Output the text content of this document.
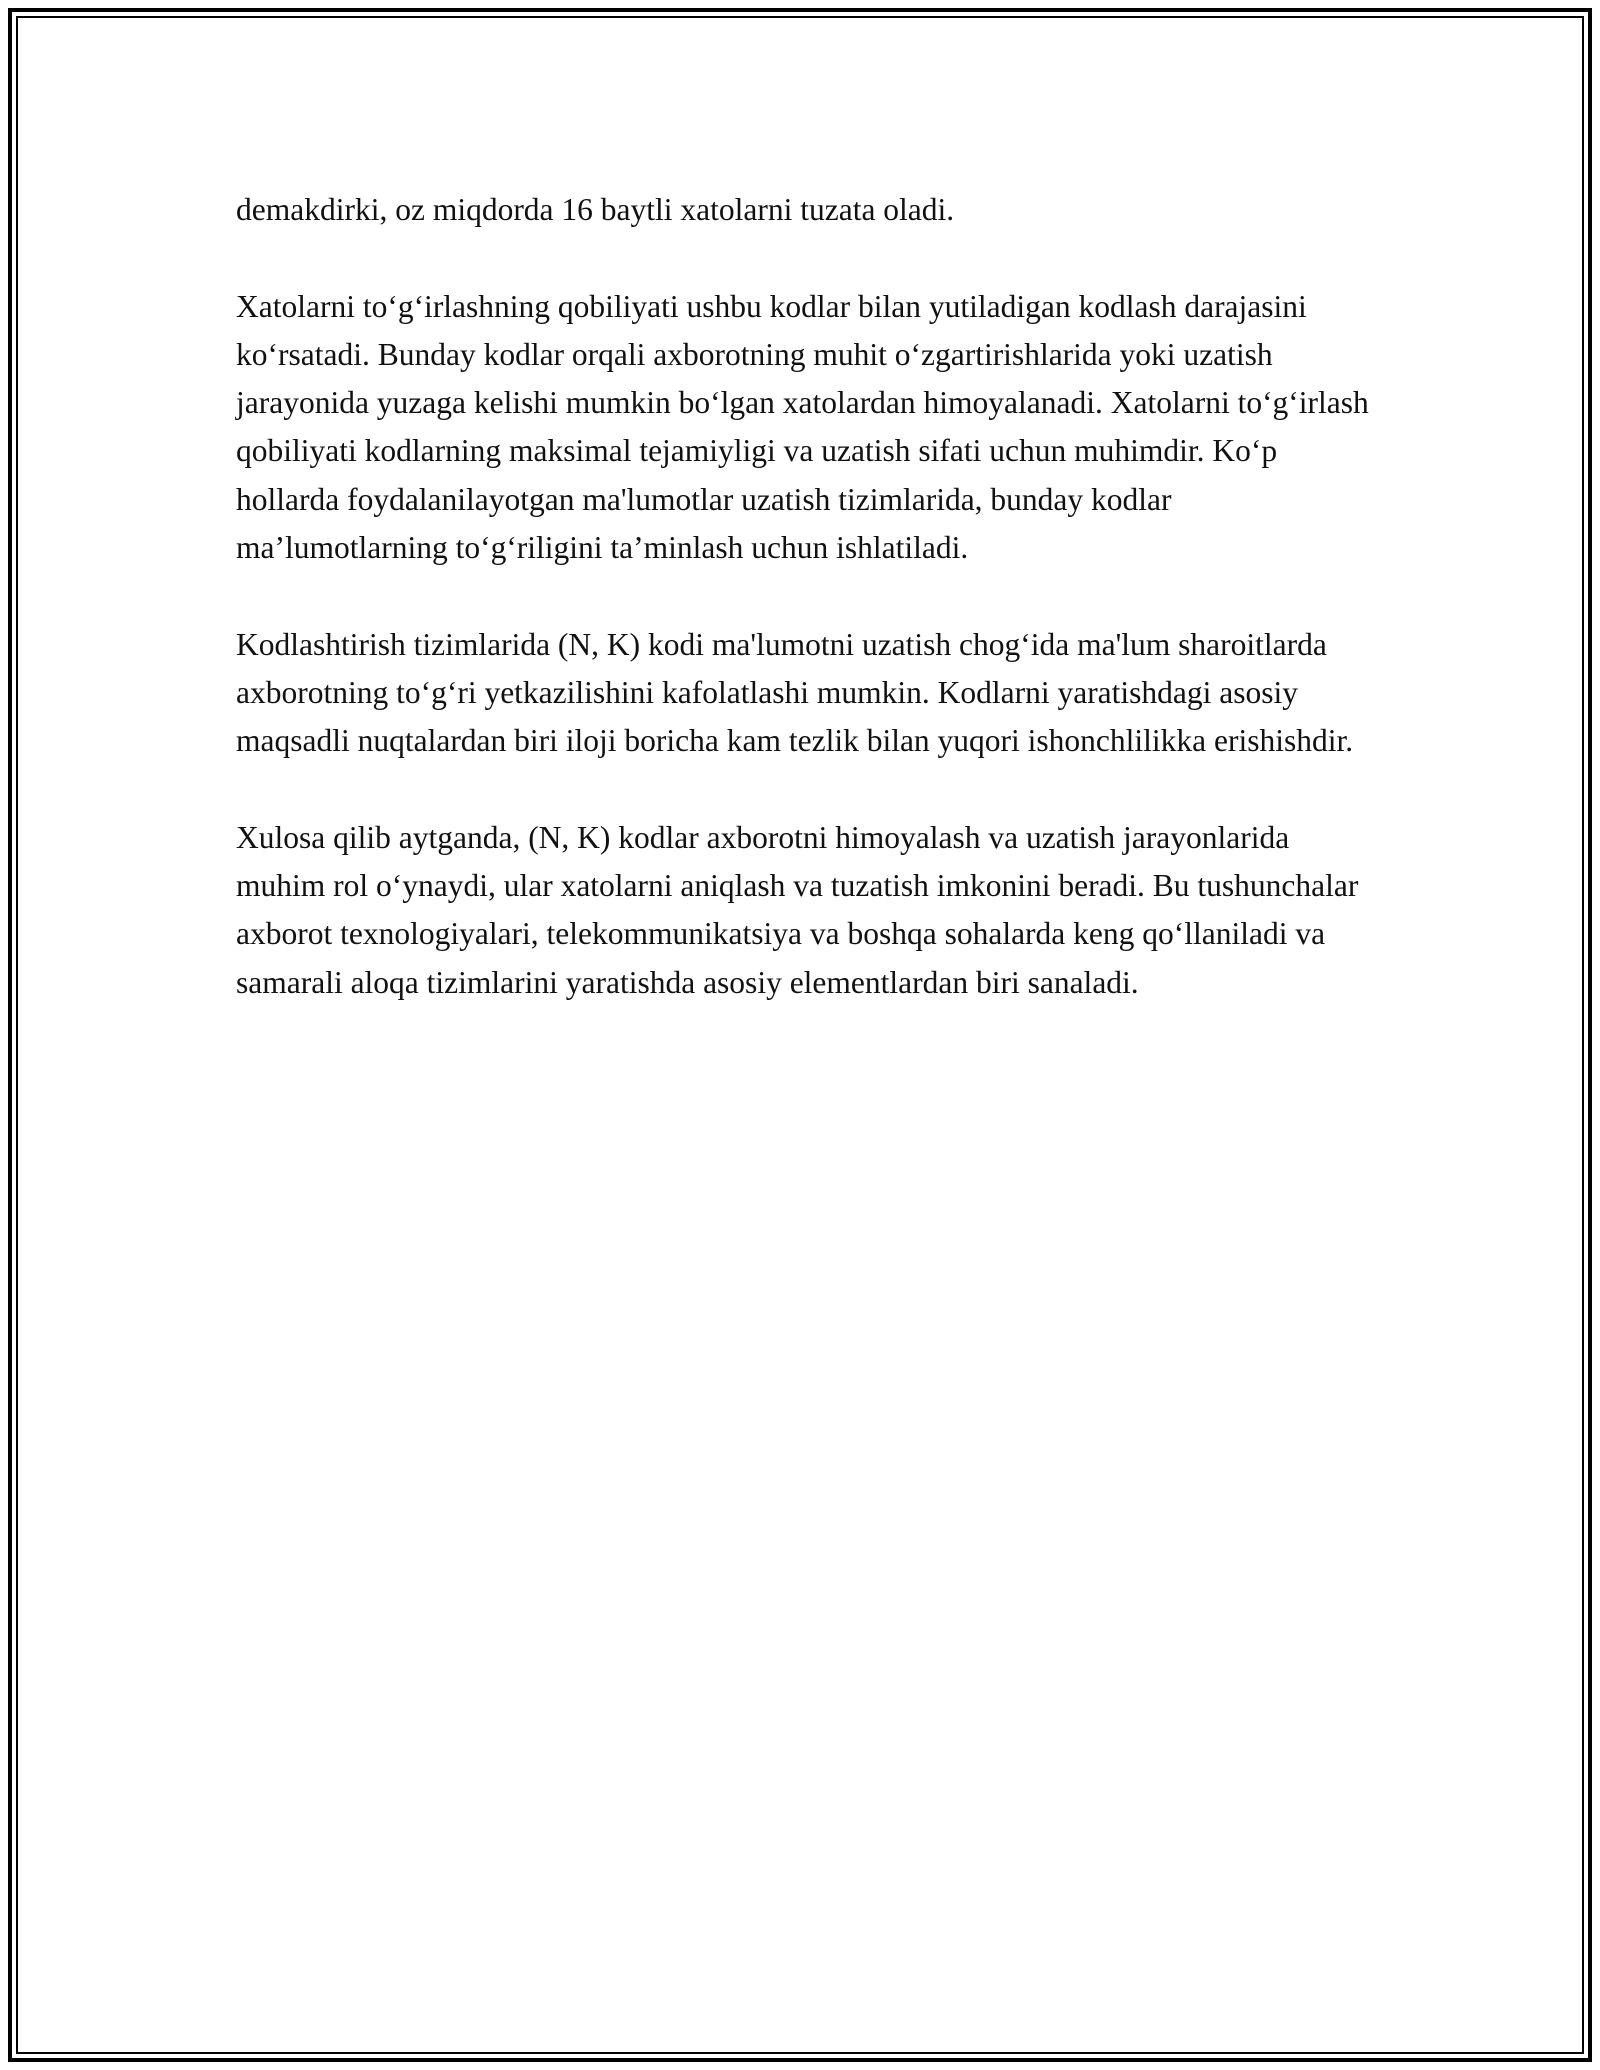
demakdirki, oz miqdorda 16 baytli xatolarni tuzata oladi.

Xatolarni to‘g‘irlashning qobiliyati ushbu kodlar bilan yutiladigan kodlash darajasini ko‘rsatadi. Bunday kodlar orqali axborotning muhit o‘zgartirishlarida yoki uzatish jarayonida yuzaga kelishi mumkin bo‘lgan xatolardan himoyalanadi. Xatolarni to‘g‘irlash qobiliyati kodlarning maksimal tejamiyligi va uzatish sifati uchun muhimdir. Ko‘p hollarda foydalanilayotgan ma'lumotlar uzatish tizimlarida, bunday kodlar ma’lumotlarning to‘g‘riligini ta’minlash uchun ishlatiladi.

Kodlashtirish tizimlarida (N, K) kodi ma'lumotni uzatish chog‘ida ma'lum sharoitlarda axborotning to‘g‘ri yetkazilishini kafolatlashi mumkin. Kodlarni yaratishdagi asosiy maqsadli nuqtalardan biri iloji boricha kam tezlik bilan yuqori ishonchlilikka erishishdir.

Xulosa qilib aytganda, (N, K) kodlar axborotni himoyalash va uzatish jarayonlarida muhim rol o‘ynaydi, ular xatolarni aniqlash va tuzatish imkonini beradi. Bu tushunchalar axborot texnologiyalari, telekommunikatsiya va boshqa sohalarda keng qo‘llaniladi va samarali aloqa tizimlarini yaratishda asosiy elementlardan biri sanaladi.
